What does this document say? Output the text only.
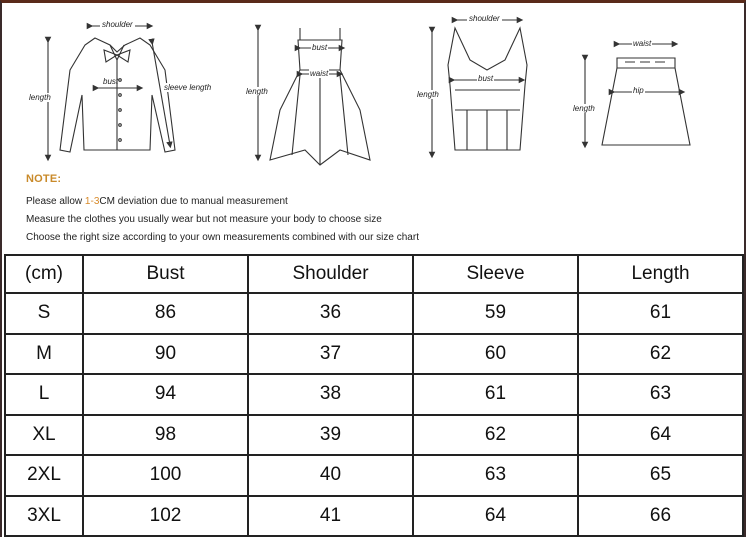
shoulder
length
bust
sleeve length
bust
waist
length
shoulder
bust
length
waist
hip
length
NOTE:
Please allow 1-3CM deviation due to manual measurement
Measure the clothes you usually wear but not measure your body to choose size
Choose the right size according to your own measurements combined with our size chart
(cm)	Bust	Shoulder	Sleeve	Length
S	86	36	59	61
M	90	37	60	62
L	94	38	61	63
XL	98	39	62	64
2XL	100	40	63	65
3XL	102	41	64	66
